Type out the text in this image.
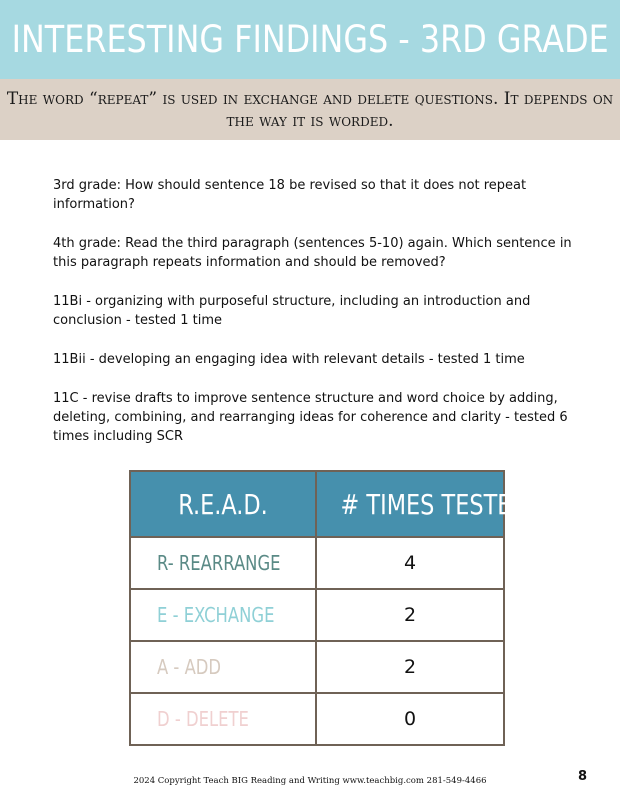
INTERESTING FINDINGS - 3RD GRADE

The word “repeat” is used in exchange and delete questions. It depends on the way it is worded.

3rd grade: How should sentence 18 be revised so that it does not repeat information?

4th grade: Read the third paragraph (sentences 5-10) again. Which sentence in this paragraph repeats information and should be removed?

11Bi - organizing with purposeful structure, including an introduction and conclusion - tested 1 time

11Bii - developing an engaging idea with relevant details - tested 1 time

11C - revise drafts to improve sentence structure and word choice by adding, deleting, combining, and rearranging ideas for coherence and clarity - tested 6 times including SCR

R.E.A.D.	# TIMES TESTED
R- REARRANGE	4
E - EXCHANGE	2
A - ADD	2
D - DELETE	0
2024 Copyright Teach BIG Reading and Writing www.teachbig.com 281-549-4466	8
